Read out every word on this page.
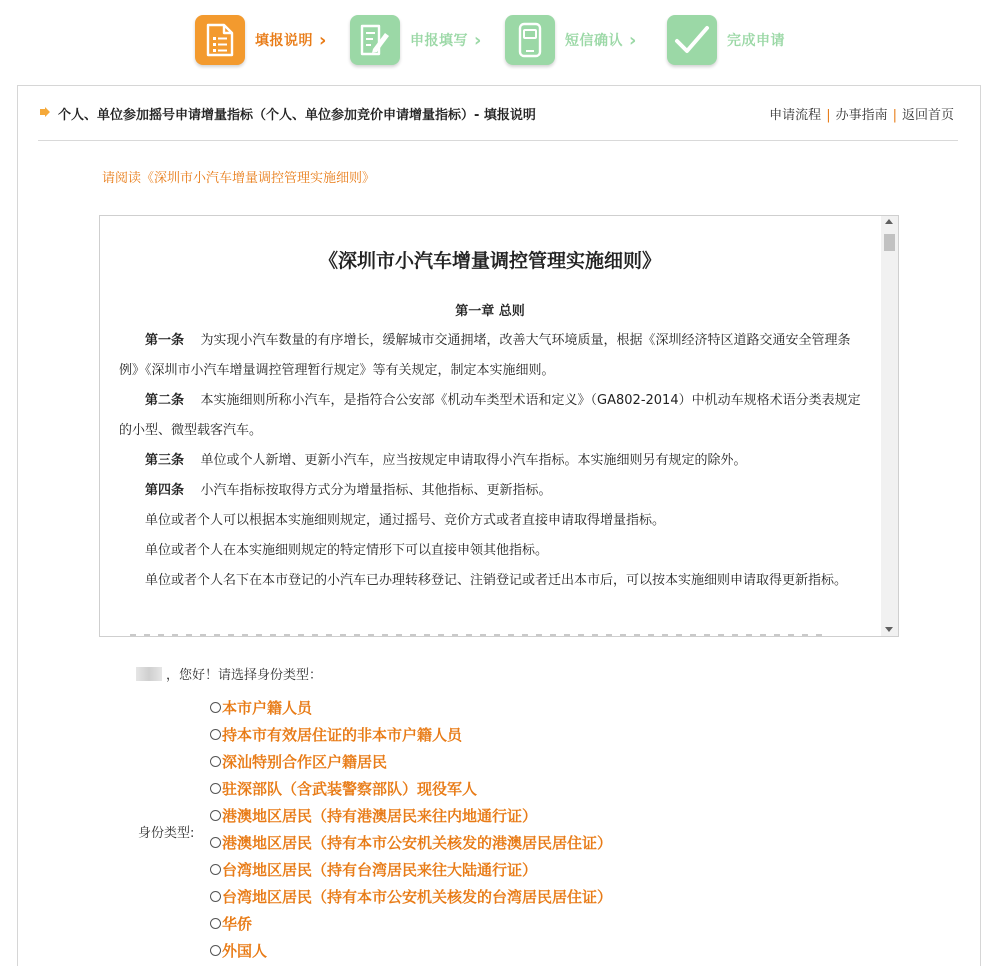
填报说明 ›	申报填写 ›	短信确认 ›	完成申请
个人、单位参加摇号申请增量指标（个人、单位参加竞价申请增量指标）- 填报说明	申请流程 | 办事指南 | 返回首页
请阅读《深圳市小汽车增量调控管理实施细则》
《深圳市小汽车增量调控管理实施细则》
第一章 总则

第一条 为实现小汽车数量的有序增长，缓解城市交通拥堵，改善大气环境质量，根据《深圳经济特区道路交通安全管理条例》《深圳市小汽车增量调控管理暂行规定》等有关规定，制定本实施细则。

第二条 本实施细则所称小汽车，是指符合公安部《机动车类型术语和定义》（GA802-2014）中机动车规格术语分类表规定的小型、微型载客汽车。

第三条 单位或个人新增、更新小汽车，应当按规定申请取得小汽车指标。本实施细则另有规定的除外。

第四条 小汽车指标按取得方式分为增量指标、其他指标、更新指标。

单位或者个人可以根据本实施细则规定，通过摇号、竞价方式或者直接申请取得增量指标。

单位或者个人在本实施细则规定的特定情形下可以直接申领其他指标。

单位或者个人名下在本市登记的小汽车已办理转移登记、注销登记或者迁出本市后，可以按本实施细则申请取得更新指标。

，您好！请选择身份类型：
身份类型:
本市户籍人员
持本市有效居住证的非本市户籍人员
深汕特别合作区户籍居民
驻深部队（含武装警察部队）现役军人
港澳地区居民（持有港澳居民来往内地通行证）
港澳地区居民（持有本市公安机关核发的港澳居民居住证）
台湾地区居民（持有台湾居民来往大陆通行证）
台湾地区居民（持有本市公安机关核发的台湾居民居住证）
华侨
外国人
